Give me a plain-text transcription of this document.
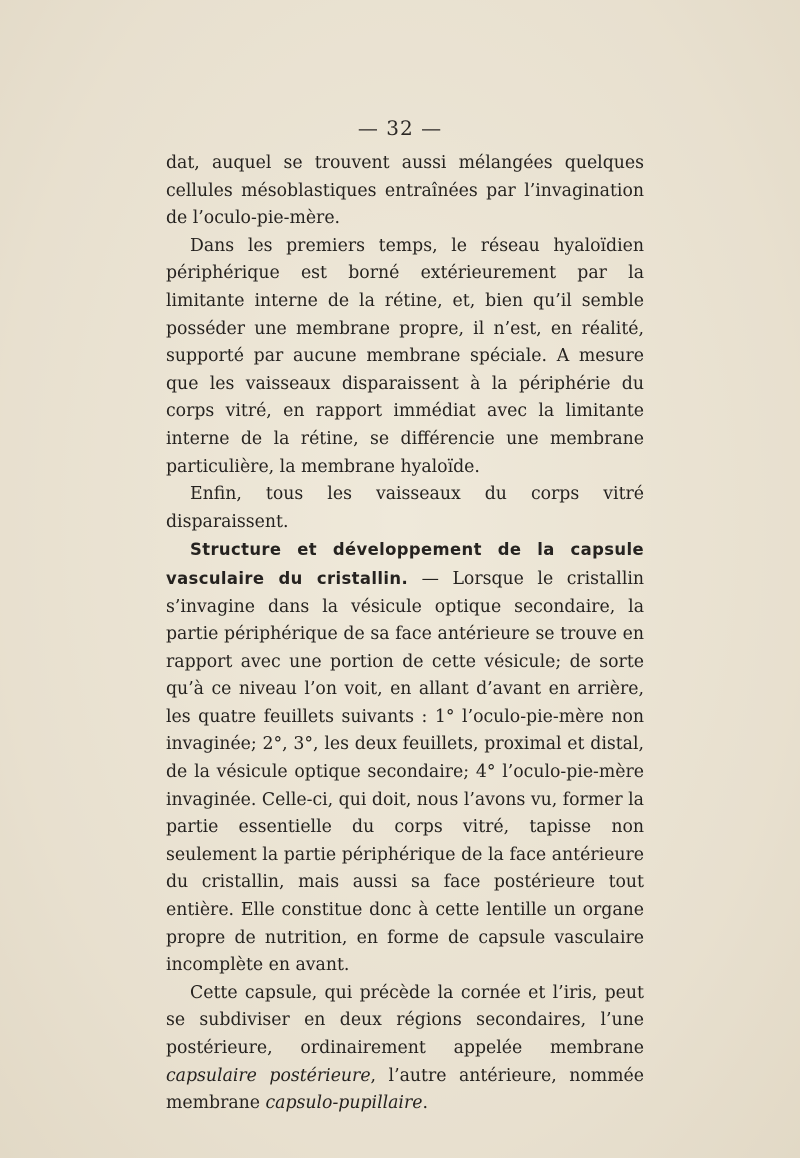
— 32 —

dat, auquel se trouvent aussi mélangées quelques cellules mésoblastiques entraînées par l’invagination de l’oculo-pie-mère.

Dans les premiers temps, le réseau hyaloïdien périphérique est borné extérieurement par la limitante interne de la rétine, et, bien qu’il semble posséder une membrane propre, il n’est, en réalité, supporté par aucune membrane spéciale. A mesure que les vaisseaux disparaissent à la périphérie du corps vitré, en rapport immédiat avec la limitante interne de la rétine, se différencie une membrane particulière, la membrane hyaloïde.

Enfin, tous les vaisseaux du corps vitré disparaissent.

Structure et développement de la capsule vasculaire du cristallin. — Lorsque le cristallin s’invagine dans la vésicule optique secondaire, la partie périphérique de sa face antérieure se trouve en rapport avec une portion de cette vésicule; de sorte qu’à ce niveau l’on voit, en allant d’avant en arrière, les quatre feuillets suivants : 1° l’oculo-pie-mère non invaginée; 2°, 3°, les deux feuillets, proximal et distal, de la vésicule optique secondaire; 4° l’oculo-pie-mère invaginée. Celle-ci, qui doit, nous l’avons vu, former la partie essentielle du corps vitré, tapisse non seulement la partie périphérique de la face antérieure du cristallin, mais aussi sa face postérieure tout entière. Elle constitue donc à cette lentille un organe propre de nutrition, en forme de capsule vasculaire incomplète en avant.

Cette capsule, qui précède la cornée et l’iris, peut se subdiviser en deux régions secondaires, l’une postérieure, ordinairement appelée membrane capsulaire postérieure, l’autre antérieure, nommée membrane capsulo-pupillaire.
